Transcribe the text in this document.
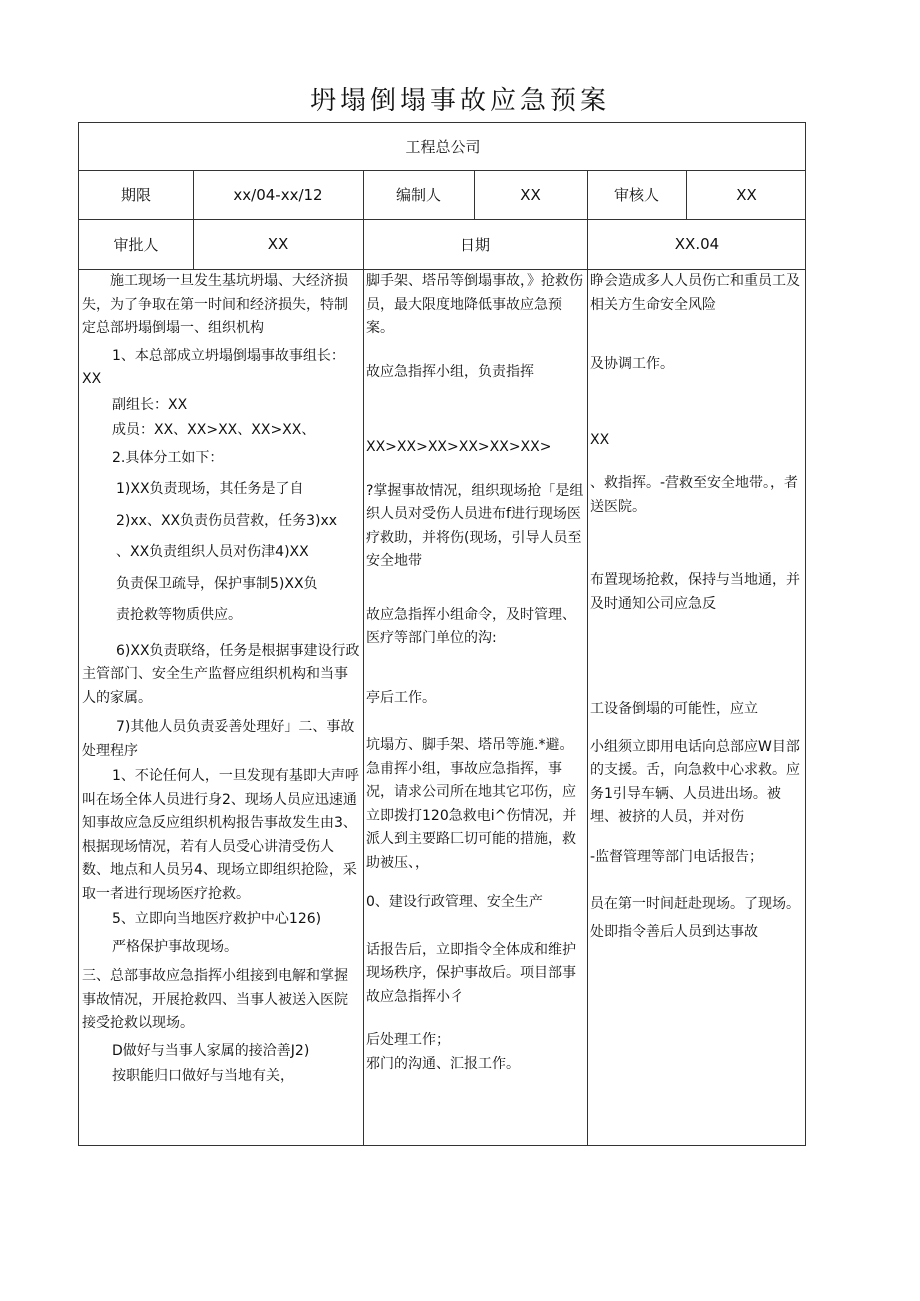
坍塌倒塌事故应急预案
工程总公司
期限	xx/04-xx/12	编制人	XX	审核人	XX
审批人	XX	日期	XX.04

施工现场一旦发生基坑坍塌、大经济损失，为了争取在第一时间和经济损失，特制定总部坍塌倒塌一、组织机构

1、本总部成立坍塌倒塌事故事组长：XX

副组长：XX

成员：XX、XX>XX、XX>XX、

2.具体分工如下：

1)XX负责现场，其任务是了自

2)xx、XX负责伤员营救，任务3)xx

、XX负责组织人员对伤津4)XX

负责保卫疏导，保护事制5)XX负

责抢救等物质供应。

6)XX负责联络，任务是根据事建设行政主管部门、安全生产监督应组织机构和当事人的家属。

7)其他人员负责妥善处理好」二、事故处理程序

1、不论任何人，一旦发现有基即大声呼叫在场全体人员进行身2、现场人员应迅速通知事故应急反应组织机构报告事故发生由3、根据现场情况，若有人员受心讲清受伤人数、地点和人员另4、现场立即组织抢险，采取一者进行现场医疗抢救。

5、立即向当地医疗救护中心126)

严格保护事故现场。

三、总部事故应急指挥小组接到电解和掌握事故情况，开展抢救四、当事人被送入医院接受抢救以现场。

D做好与当事人家属的接洽善J2)

按职能归口做好与当地有关，

脚手架、塔吊等倒塌事故，》抢救伤员，最大限度地降低事故应急预案。

故应急指挥小组，负责指挥

XX>XX>XX>XX>XX>XX>

?掌握事故情况，组织现场抢「是组织人员对受伤人员进布f进行现场医疗救助，并将伤(现场，引导人员至安全地带

故应急指挥小组命令，及时管理、医疗等部门单位的沟:

亭后工作。

坑塌方、脚手架、塔吊等施.*避。

急甫挥小组，事故应急指挥，事况，请求公司所在地其它邛伤，应立即拨打120急救电i^伤情况，并派人到主要路匚切可能的措施，救助被压、，

0、建设行政管理、安全生产

话报告后，立即指令全体成和维护现场秩序，保护事故后。项目部事故应急指挥小彳

后处理工作；

邪门的沟通、汇报工作。

睁会造成多人人员伤亡和重员工及相关方生命安全风险

及协调工作。

XX

、救指挥。-营救至安全地带。，者送医院。

布置现场抢救，保持与当地通，并及时通知公司应急反

工设备倒塌的可能性，应立

小组须立即用电话向总部应W目部的支援。舌，向急救中心求救。应务1引导车辆、人员进出场。被埋、被挤的人员，并对伤

-监督管理等部门电话报告；

员在第一时间赶赴现场。了现场。

处即指令善后人员到达事故
